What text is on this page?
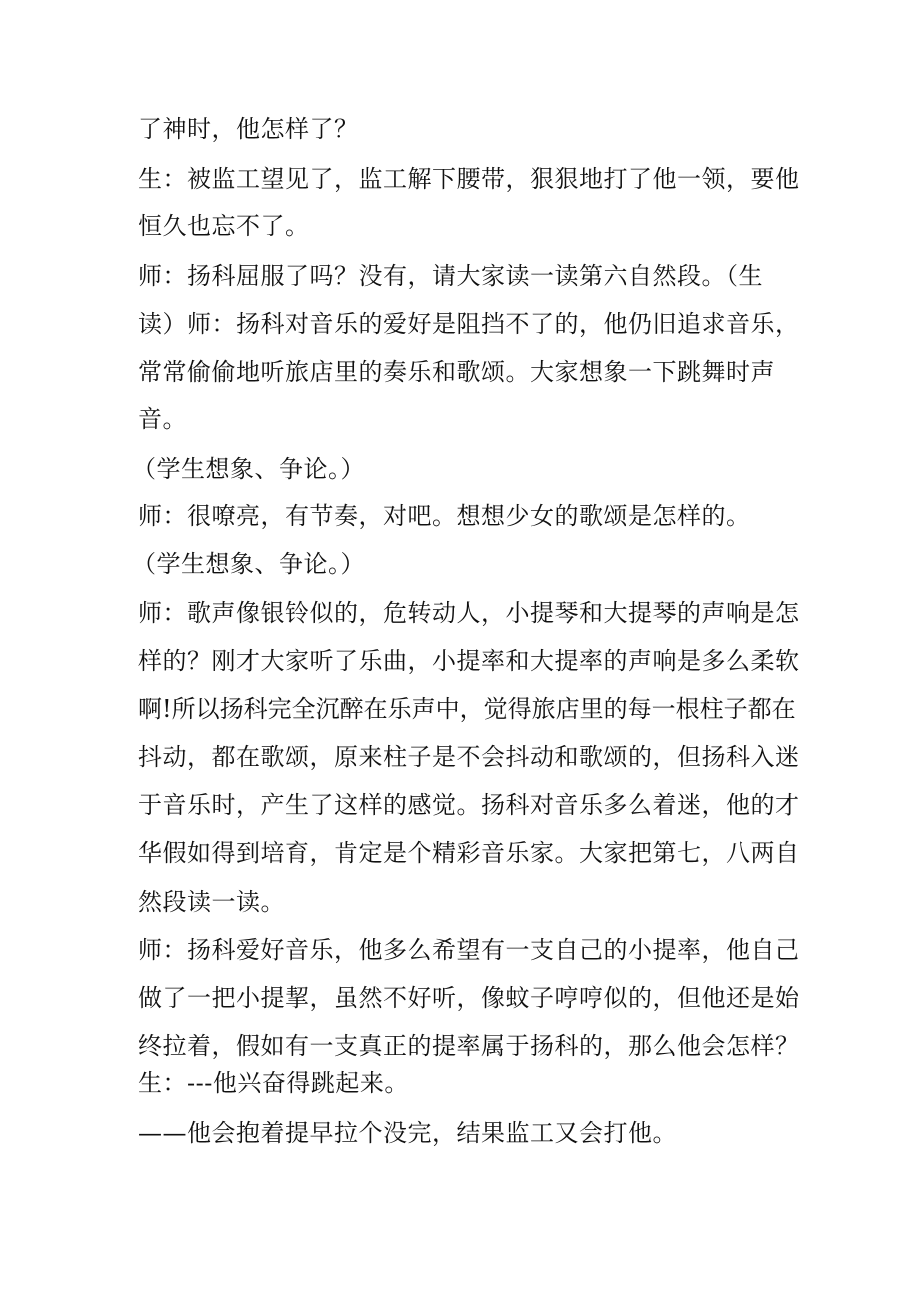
了神时，他怎样了？
生：被监工望见了，监工解下腰带，狠狠地打了他一领，要他
恒久也忘不了。
师：扬科屈服了吗？没有，请大家读一读第六自然段。（生
读）师：扬科对音乐的爱好是阻挡不了的，他仍旧追求音乐，
常常偷偷地听旅店里的奏乐和歌颂。大家想象一下跳舞时声
音。
（学生想象、争论。）
师：很嘹亮，有节奏，对吧。想想少女的歌颂是怎样的。
（学生想象、争论。）
师：歌声像银铃似的，危转动人，小提琴和大提琴的声响是怎
样的？刚才大家听了乐曲，小提率和大提率的声响是多么柔软
啊!所以扬科完全沉醉在乐声中，觉得旅店里的每一根柱子都在
抖动，都在歌颂，原来柱子是不会抖动和歌颂的，但扬科入迷
于音乐时，产生了这样的感觉。扬科对音乐多么着迷，他的才
华假如得到培育，肯定是个精彩音乐家。大家把第七，八两自
然段读一读。
师：扬科爱好音乐，他多么希望有一支自己的小提率，他自己
做了一把小提挈，虽然不好听，像蚊子哼哼似的，但他还是始
终拉着，假如有一支真正的提率属于扬科的，那么他会怎样？
生：---他兴奋得跳起来。
——他会抱着提早拉个没完，结果监工又会打他。
